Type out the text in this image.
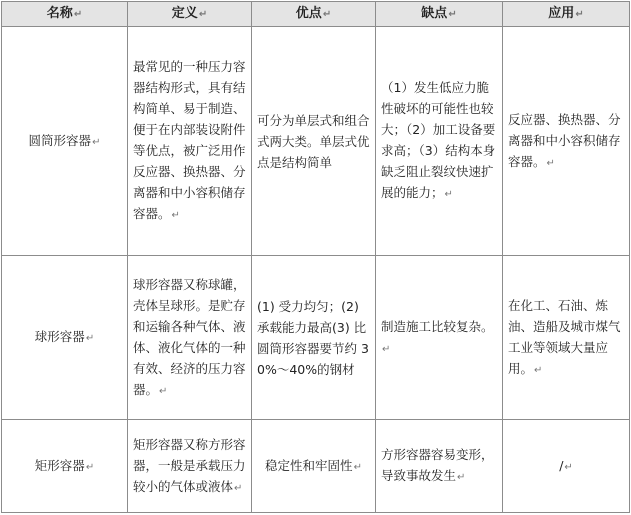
名称↵	定义↵	优点↵	缺点↵	应用↵
圆筒形容器↵	最常见的一种压力容器结构形式，具有结构简单、易于制造、便于在内部装设附件等优点，被广泛用作反应器、换热器、分离器和中小容积储存容器。↵	可分为单层式和组合式两大类。单层式优点是结构简单	（1）发生低应力脆性破坏的可能性也较大；（2）加工设备要求高；（3）结构本身缺乏阻止裂纹快速扩展的能力；↵	反应器、换热器、分离器和中小容积储存容器。↵
球形容器↵	球形容器又称球罐，壳体呈球形。是贮存和运输各种气体、液体、液化气体的一种有效、经济的压力容器。↵	(1) 受力均匀；(2) 承载能力最高(3) 比圆筒形容器要节约 30%～40%的钢材	制造施工比较复杂。↵	在化工、石油、炼油、造船及城市煤气工业等领域大量应用。↵
矩形容器↵	矩形容器又称方形容器，一般是承载压力较小的气体或液体↵	稳定性和牢固性↵	方形容器容易变形，导致事故发生↵	/↵
